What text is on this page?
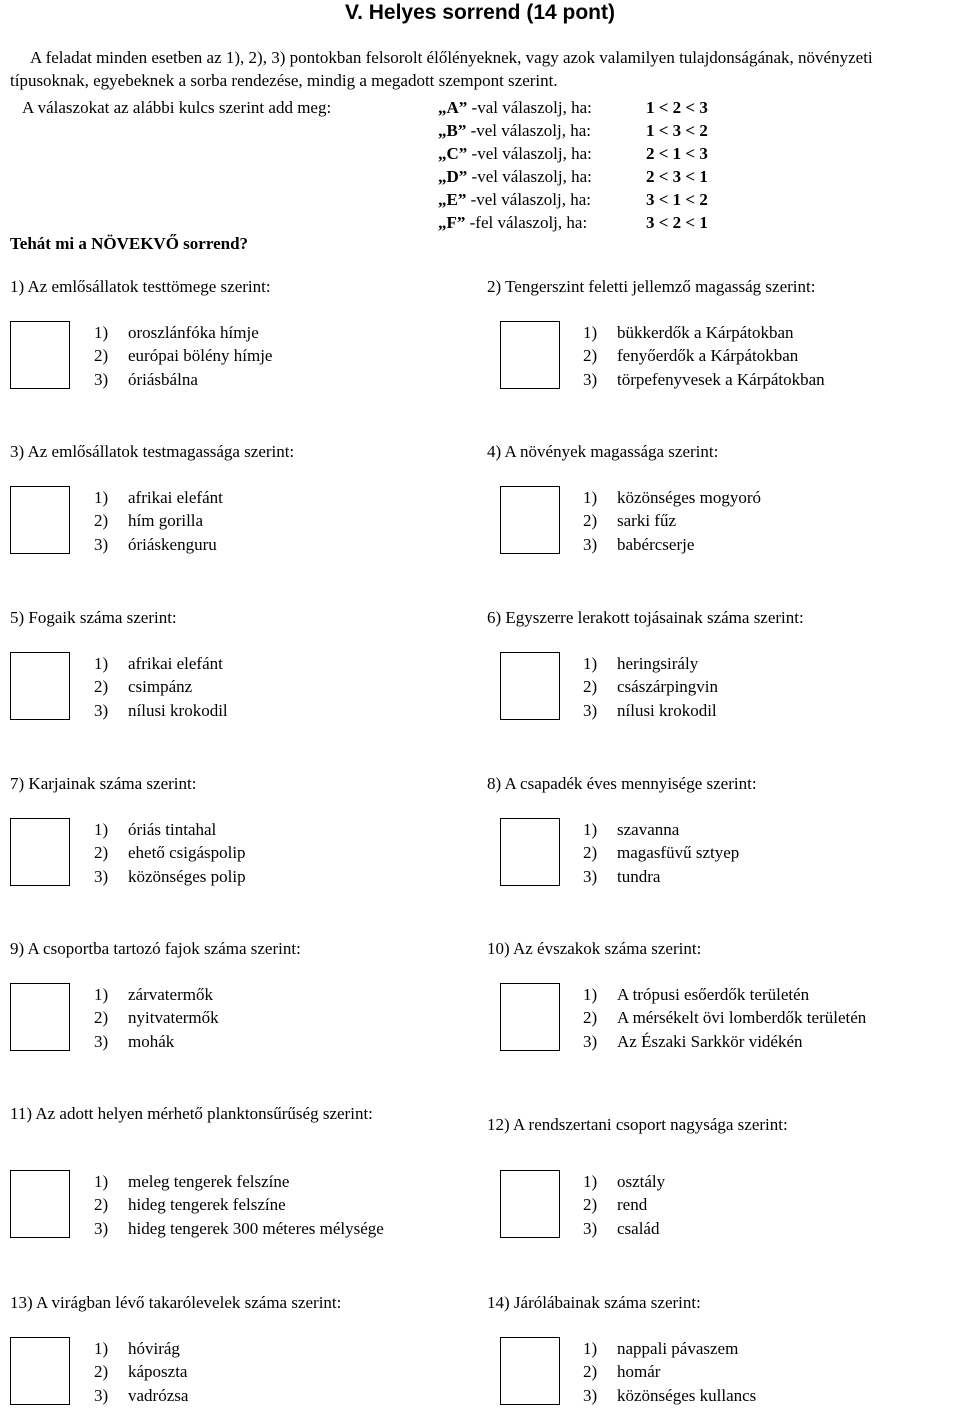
V. Helyes sorrend (14 pont)
A feladat minden esetben az 1), 2), 3) pontokban felsorolt élőlényeknek, vagy azok valamilyen tulajdonságának, növényzeti típusoknak, egyebeknek a sorba rendezése, mindig a megadott szempont szerint.
A válaszokat az alábbi kulcs szerint add meg:	„A” -val válaszolj, ha:	1 < 2 < 3
„B” -vel válaszolj, ha:	1 < 3 < 2
„C” -vel válaszolj, ha:	2 < 1 < 3
„D” -vel válaszolj, ha:	2 < 3 < 1
„E” -vel válaszolj, ha:	3 < 1 < 2
„F” -fel válaszolj, ha:	3 < 2 < 1
Tehát mi a NÖVEKVŐ sorrend?
1) Az emlősállatok testtömege szerint:
1) oroszlánfóka hímje
2) európai bölény hímje
3) óriásbálna
2) Tengerszint feletti jellemző magasság szerint:
1) bükkerdők a Kárpátokban
2) fenyőerdők a Kárpátokban
3) törpefenyvesek a Kárpátokban
3) Az emlősállatok testmagassága szerint:
1) afrikai elefánt
2) hím gorilla
3) óriáskenguru
4) A növények magassága szerint:
1) közönséges mogyoró
2) sarki fűz
3) babércserje
5) Fogaik száma szerint:
1) afrikai elefánt
2) csimpánz
3) nílusi krokodil
6) Egyszerre lerakott tojásainak száma szerint:
1) heringsirály
2) császárpingvin
3) nílusi krokodil
7) Karjainak száma szerint:
1) óriás tintahal
2) ehető csigáspolip
3) közönséges polip
8) A csapadék éves mennyisége szerint:
1) szavanna
2) magasfüvű sztyep
3) tundra
9) A csoportba tartozó fajok száma szerint:
1) zárvatermők
2) nyitvatermők
3) mohák
10) Az évszakok száma szerint:
1) A trópusi esőerdők területén
2) A mérsékelt övi lomberdők területén
3) Az Északi Sarkkör vidékén
11) Az adott helyen mérhető planktonsűrűség szerint:
1) meleg tengerek felszíne
2) hideg tengerek felszíne
3) hideg tengerek 300 méteres mélysége
12) A rendszertani csoport nagysága szerint:
1) osztály
2) rend
3) család
13) A virágban lévő takarólevelek száma szerint:
1) hóvirág
2) káposzta
3) vadrózsa
14) Járólábainak száma szerint:
1) nappali pávaszem
2) homár
3) közönséges kullancs
